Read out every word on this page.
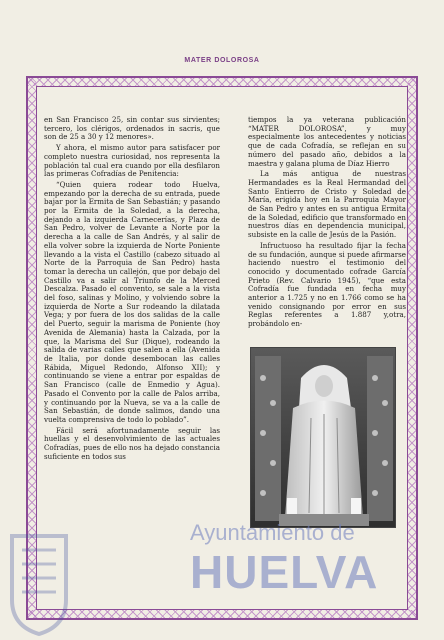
MATER DOLOROSA

en San Francisco 25, sin contar sus sirvientes; tercero, los clérigos, ordenados in sacris, que son de 25 a 30 y 12 menores».

Y ahora, el mismo autor para satisfacer por completo nuestra curiosidad, nos representa la población tal cual era cuando por ella desfilaron las primeras Cofradías de Penitencia:

“Quien quiera rodear todo Huelva, empezando por la derecha de su entrada, puede bajar por la Ermita de San Sebastián; y pasando por la Ermita de la Soledad, a la derecha, dejando a la izquierda Carnecerías, y Plaza de San Pedro, volver de Levante a Norte por la derecha a la calle de San Andrés, y al salir de ella volver sobre la izquierda de Norte Poniente llevando a la vista el Castillo (cabezo situado al Norte de la Parroquia de San Pedro) hasta tomar la derecha un callejón, que por debajo del Castillo va a salir al Triunfo de la Merced Descalza. Pasado el convento, se sale a la vista del foso, salinas y Molino, y volviendo sobre la izquierda de Norte a Sur rodeando la dilatada Vega; y por fuera de los dos salidas de la calle del Puerto, seguir la marisma de Poniente (hoy Avenida de Alemania) hasta la Calzada, por la que, la Marisma del Sur (Dique), rodeando la salida de varias calles que salen a ella (Avenida de Italia, por donde desembocan las calles Rábida, Miguel Redondo, Alfonso XII); y continuando se viene a entrar por espaldas de San Francisco (calle de Enmedio y Agua). Pasado el Convento por la calle de Palos arriba, y continuando por la Nueva, se va a la calle de San Sebastián, de donde salimos, dando una vuelta comprensiva de todo lo poblado”.

Fácil será afortunadamente seguir las huellas y el desenvolvimiento de las actuales Cofradías, pues de ello nos ha dejado constancia suficiente en todos sus

tiempos la ya veterana publicación “MATER DOLOROSA”, y muy especialmente los antecedentes y noticias que de cada Cofradía, se reflejan en su número del pasado año, debidos a la maestra y galana pluma de Díaz Hierro

La más antigua de nuestras Hermandades es la Real Hermandad del Santo Entierro de Cristo y Soledad de María, erigida hoy en la Parroquia Mayor de San Pedro y antes en su antigua Ermita de la Soledad, edificio que transformado en nuestros días en dependencia municipal, subsiste en la calle de Jesús de la Pasión.

Infructuoso ha resultado fijar la fecha de su fundación, aunque si puede afirmarse haciendo nuestro el testimonio del conocido y documentado cofrade García Prieto (Rev. Calvario 1945), “que esta Cofradía fue fundada en fecha muy anterior a 1.725 y no en 1.766 como se ha venido consignando por error en sus Reglas referentes a 1.887 y,otra, probándolo en-

Ayuntamiento de
HUELVA
